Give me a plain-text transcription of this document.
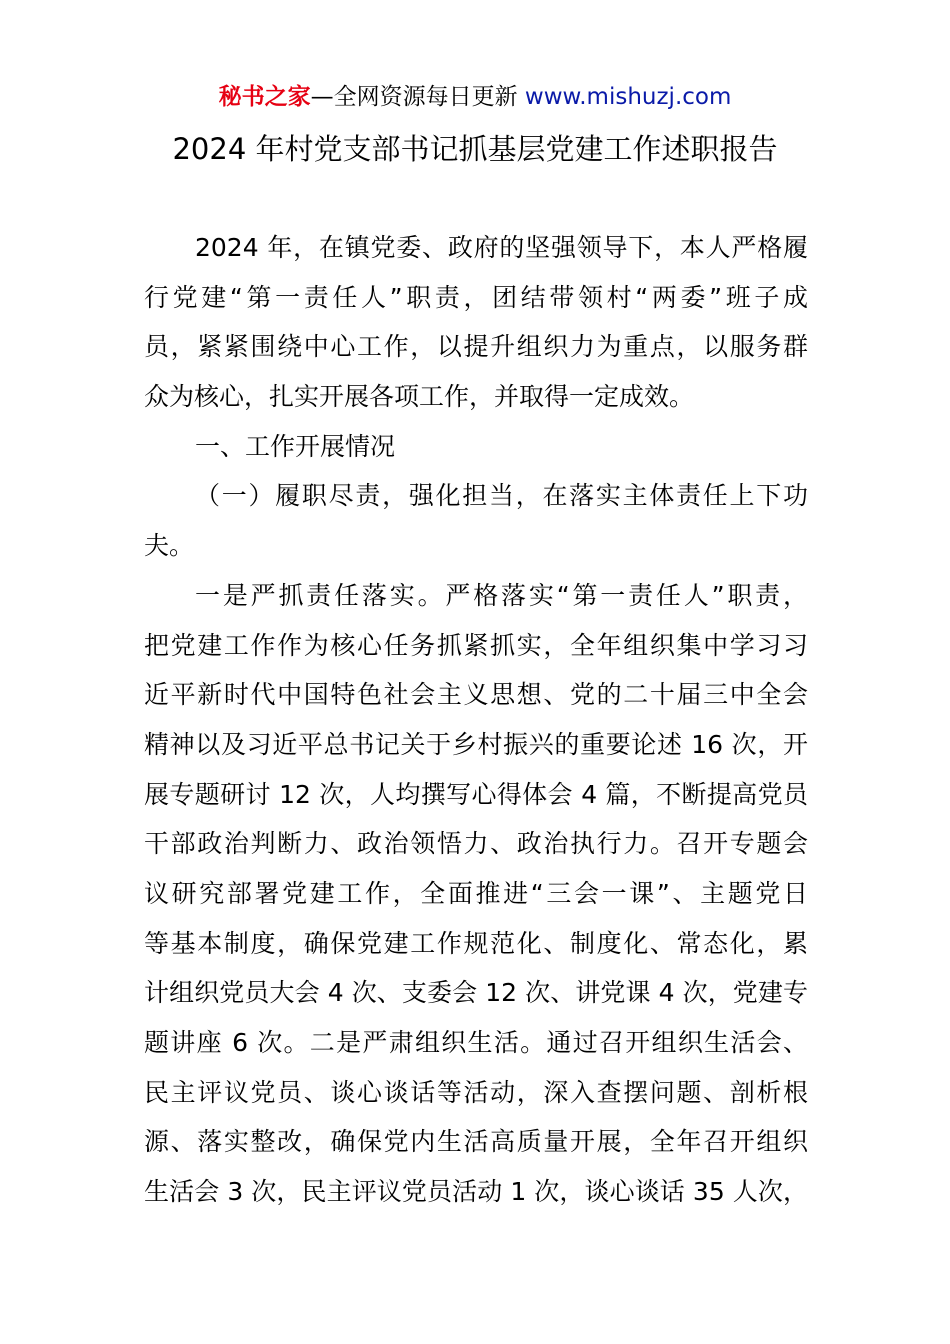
秘书之家—全网资源每日更新 www.mishuzj.com
2024 年村党支部书记抓基层党建工作述职报告
2024 年，在镇党委、政府的坚强领导下，本人严格履
行党建“第一责任人”职责，团结带领村“两委”班子成
员，紧紧围绕中心工作，以提升组织力为重点，以服务群
众为核心，扎实开展各项工作，并取得一定成效。
一、工作开展情况
（一）履职尽责，强化担当，在落实主体责任上下功
夫。
一是严抓责任落实。严格落实“第一责任人”职责，
把党建工作作为核心任务抓紧抓实，全年组织集中学习习
近平新时代中国特色社会主义思想、党的二十届三中全会
精神以及习近平总书记关于乡村振兴的重要论述 16 次，开
展专题研讨 12 次，人均撰写心得体会 4 篇，不断提高党员
干部政治判断力、政治领悟力、政治执行力。召开专题会
议研究部署党建工作，全面推进“三会一课”、主题党日
等基本制度，确保党建工作规范化、制度化、常态化，累
计组织党员大会 4 次、支委会 12 次、讲党课 4 次，党建专
题讲座 6 次。二是严肃组织生活。通过召开组织生活会、
民主评议党员、谈心谈话等活动，深入查摆问题、剖析根
源、落实整改，确保党内生活高质量开展，全年召开组织
生活会 3 次，民主评议党员活动 1 次，谈心谈话 35 人次，
